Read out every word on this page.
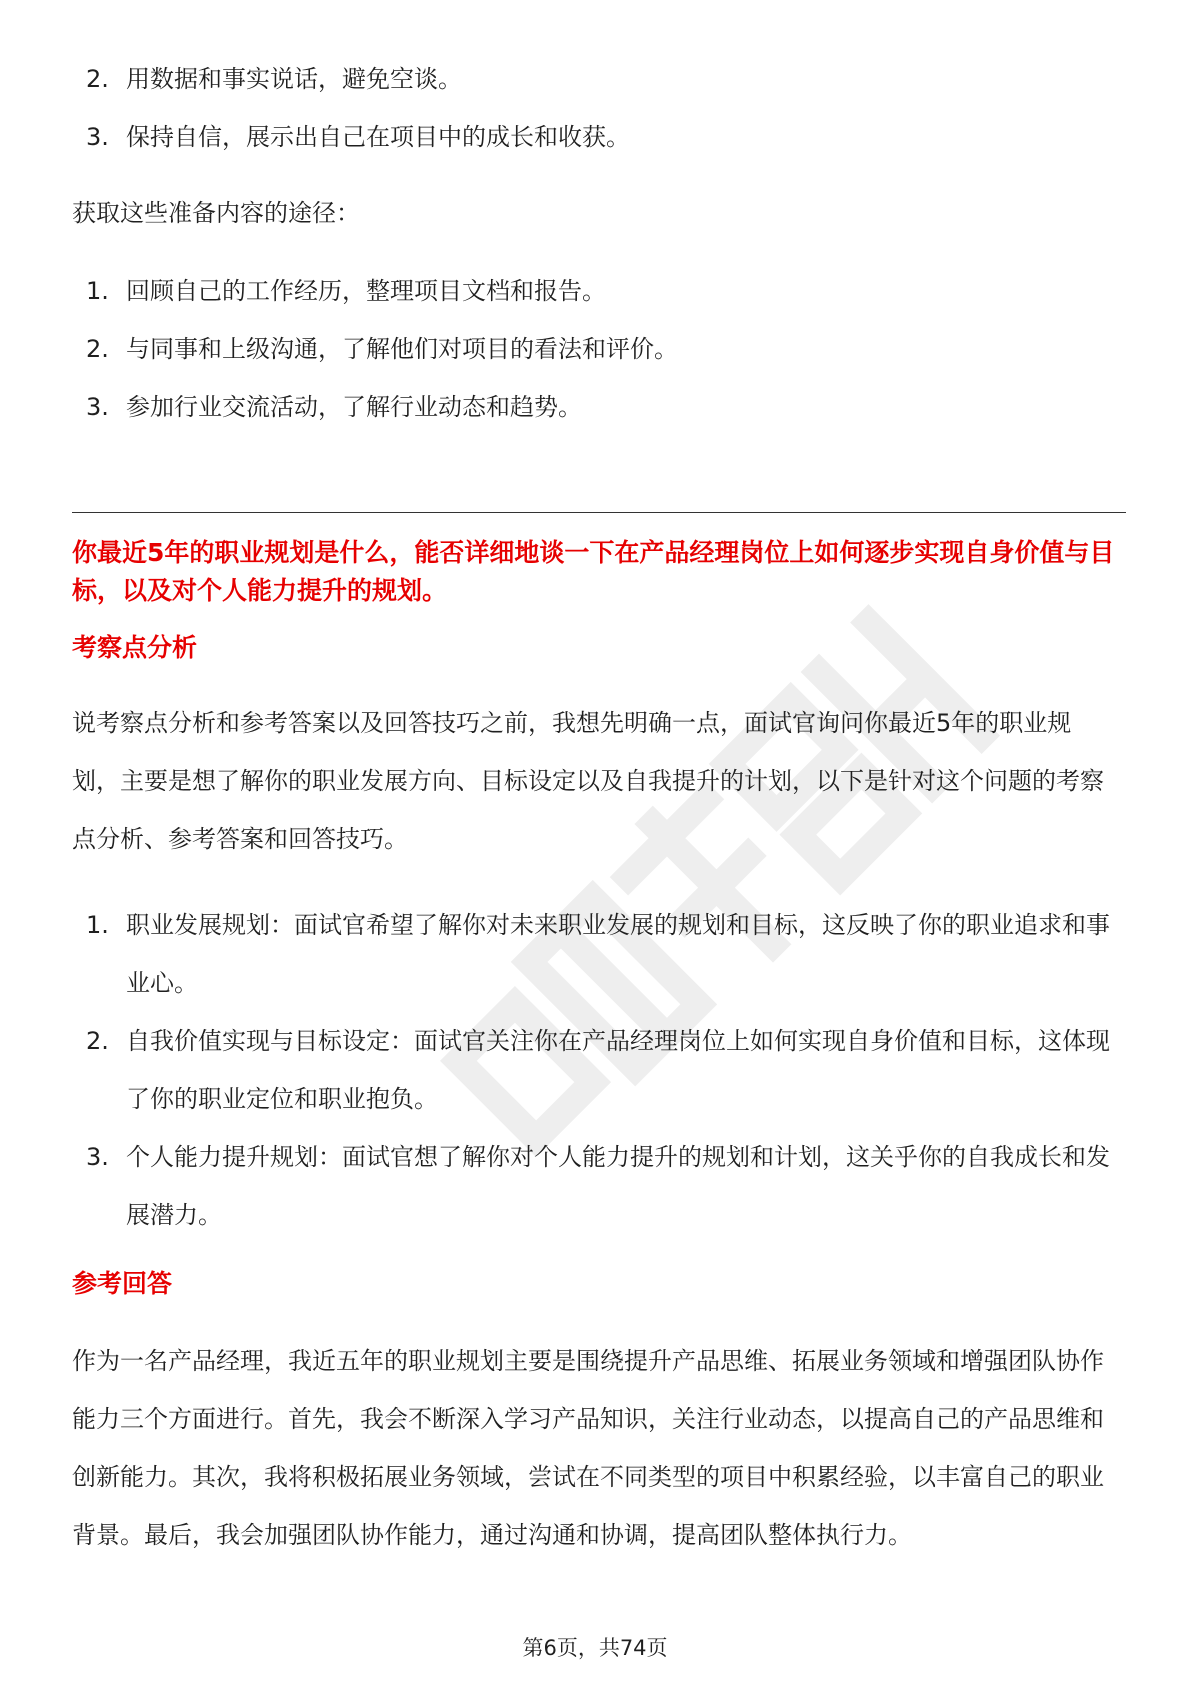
2. 用数据和事实说话，避免空谈。
3. 保持自信，展示出自己在项目中的成长和收获。

获取这些准备内容的途径：

1. 回顾自己的工作经历，整理项目文档和报告。
2. 与同事和上级沟通，了解他们对项目的看法和评价。
3. 参加行业交流活动，了解行业动态和趋势。

你最近5年的职业规划是什么，能否详细地谈一下在产品经理岗位上如何逐步实现自身价值与目标，以及对个人能力提升的规划。

考察点分析

说考察点分析和参考答案以及回答技巧之前，我想先明确一点，面试官询问你最近5年的职业规划，主要是想了解你的职业发展方向、目标设定以及自我提升的计划，以下是针对这个问题的考察点分析、参考答案和回答技巧。

1. 职业发展规划：面试官希望了解你对未来职业发展的规划和目标，这反映了你的职业追求和事业心。
2. 自我价值实现与目标设定：面试官关注你在产品经理岗位上如何实现自身价值和目标，这体现了你的职业定位和职业抱负。
3. 个人能力提升规划：面试官想了解你对个人能力提升的规划和计划，这关乎你的自我成长和发展潜力。
参考回答

作为一名产品经理，我近五年的职业规划主要是围绕提升产品思维、拓展业务领域和增强团队协作能力三个方面进行。首先，我会不断深入学习产品知识，关注行业动态，以提高自己的产品思维和创新能力。其次，我将积极拓展业务领域，尝试在不同类型的项目中积累经验，以丰富自己的职业背景。最后，我会加强团队协作能力，通过沟通和协调，提高团队整体执行力。

第6页，共74页
